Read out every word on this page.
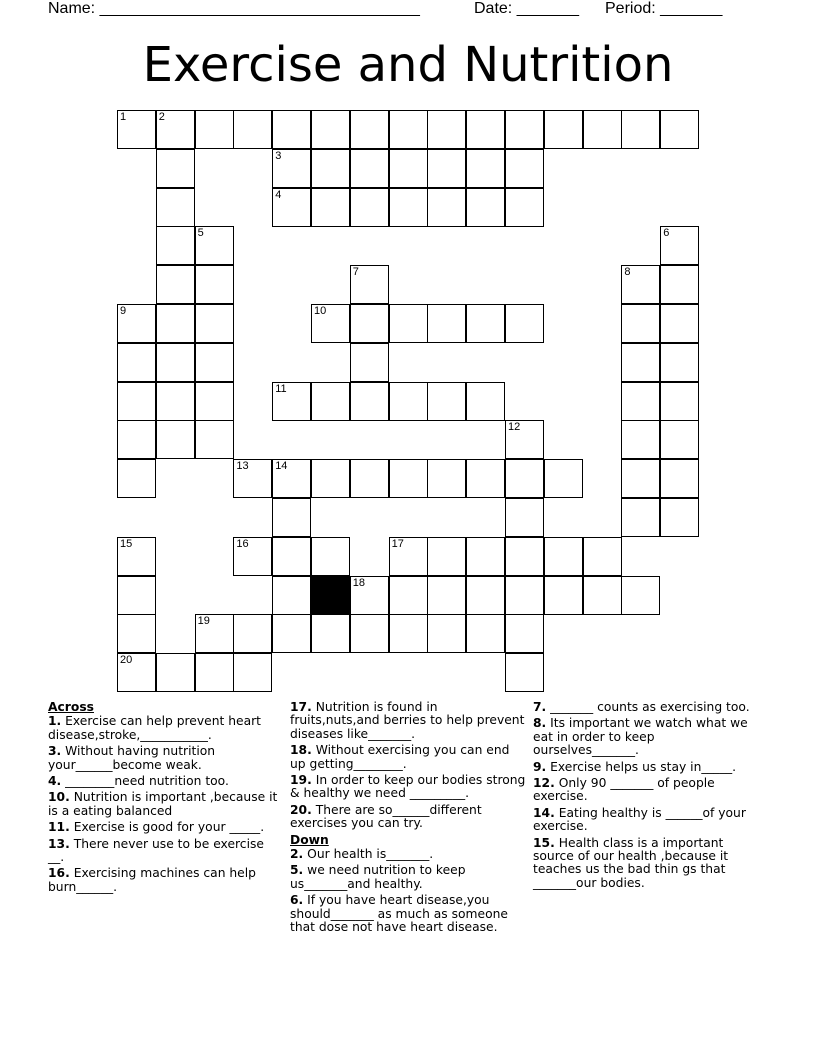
Name: ____________________________________	Date: _______ Period: _______
Exercise and Nutrition
1	2
3
4
5	6
7	8
9	10
11
12
13 14
15	16	17
18
19
20
Across
1. Exercise can help prevent heart disease,stroke,___________.
3. Without having nutrition your______become weak.
4. ________need nutrition too.
10. Nutrition is important ,because it is a eating balanced
11. Exercise is good for your _____.
13. There never use to be exercise __.
16. Exercising machines can help burn______.
17. Nutrition is found in fruits,nuts,and berries to help prevent diseases like_______.
18. Without exercising you can end up getting________.
19. In order to keep our bodies strong & healthy we need _________.
20. There are so______different exercises you can try.
Down
2. Our health is_______.
5. we need nutrition to keep us_______and healthy.
6. If you have heart disease,you should_______ as much as someone that dose not have heart disease.
7. _______ counts as exercising too.
8. Its important we watch what we eat in order to keep ourselves_______.
9. Exercise helps us stay in_____.
12. Only 90 _______ of people exercise.
14. Eating healthy is ______of your exercise.
15. Health class is a important source of our health ,because it teaches us the bad thin gs that _______our bodies.
